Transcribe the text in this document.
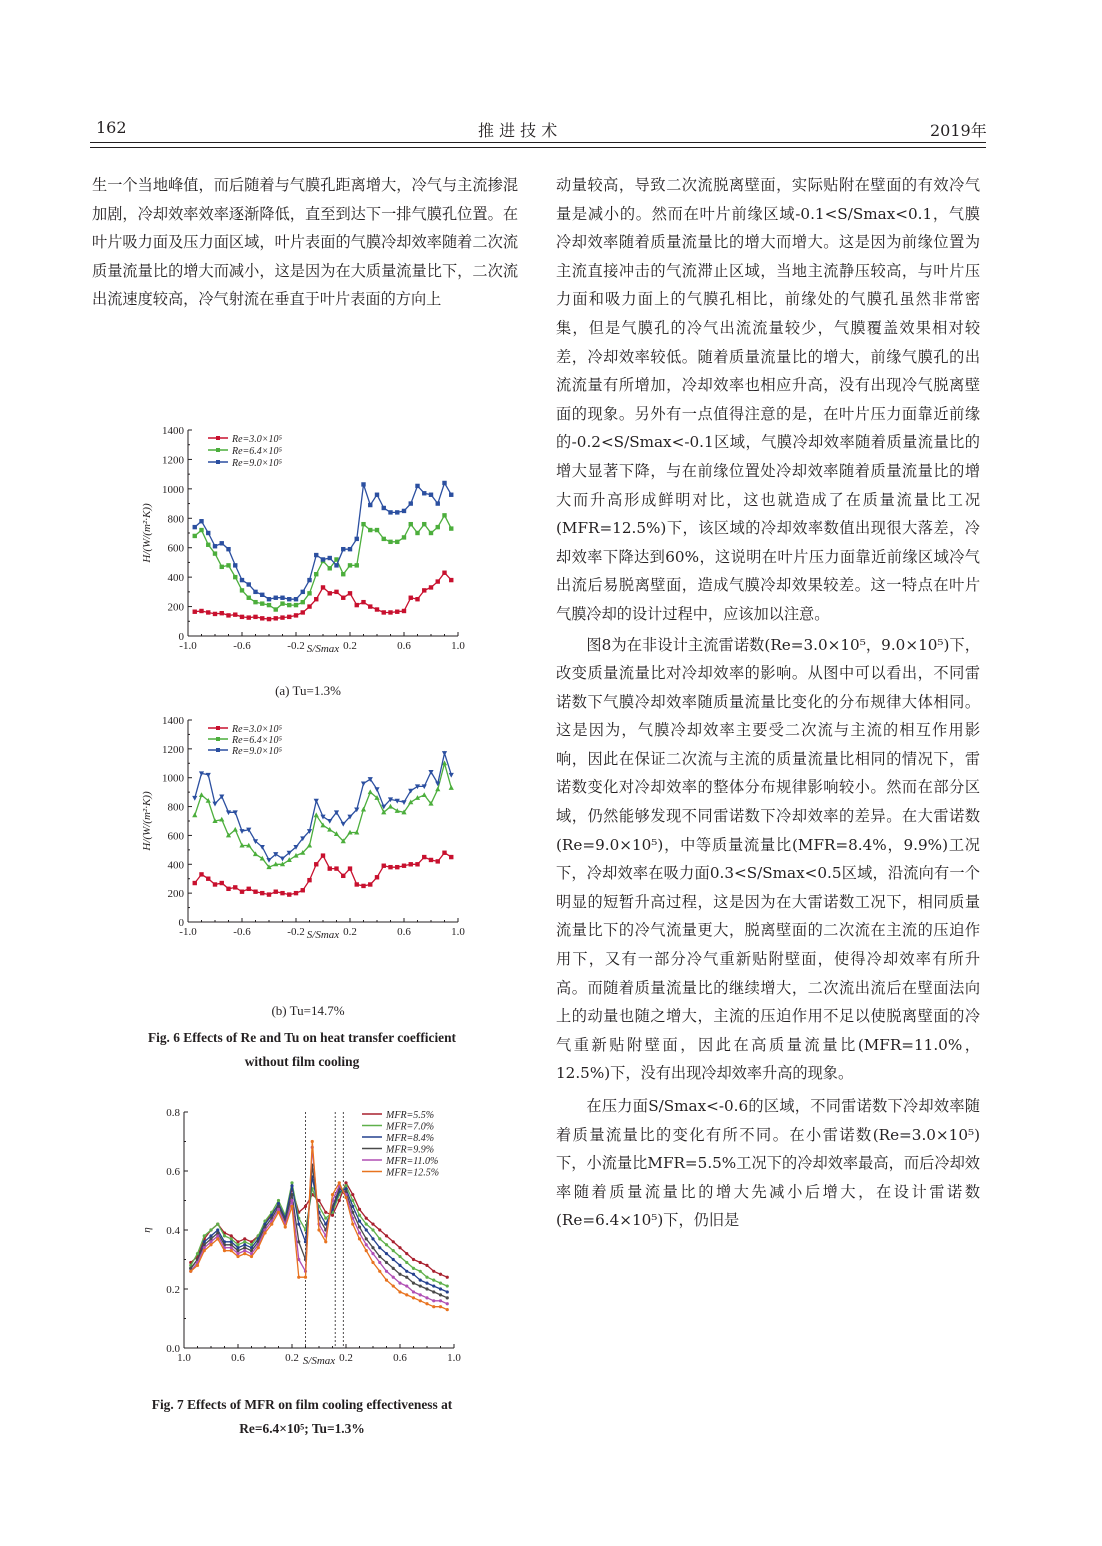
162	推 进 技 术	2019年

生一个当地峰值，而后随着与气膜孔距离增大，冷气与主流掺混加剧，冷却效率效率逐渐降低，直至到达下一排气膜孔位置。在叶片吸力面及压力面区域，叶片表面的气膜冷却效率随着二次流质量流量比的增大而减小，这是因为在大质量流量比下，二次流出流速度较高，冷气射流在垂直于叶片表面的方向上

动量较高，导致二次流脱离壁面，实际贴附在壁面的有效冷气量是减小的。然而在叶片前缘区域-0.1<S/Smax<0.1，气膜冷却效率随着质量流量比的增大而增大。这是因为前缘位置为主流直接冲击的气流滞止区域，当地主流静压较高，与叶片压力面和吸力面上的气膜孔相比，前缘处的气膜孔虽然非常密集，但是气膜孔的冷气出流流量较少，气膜覆盖效果相对较差，冷却效率较低。随着质量流量比的增大，前缘气膜孔的出流流量有所增加，冷却效率也相应升高，没有出现冷气脱离壁面的现象。另外有一点值得注意的是，在叶片压力面靠近前缘的-0.2<S/Smax<-0.1区域，气膜冷却效率随着质量流量比的增大显著下降，与在前缘位置处冷却效率随着质量流量比的增大而升高形成鲜明对比，这也就造成了在质量流量比工况(MFR=12.5%)下，该区域的冷却效率数值出现很大落差，冷却效率下降达到60%，这说明在叶片压力面靠近前缘区域冷气出流后易脱离壁面，造成气膜冷却效果较差。这一特点在叶片气膜冷却的设计过程中，应该加以注意。

图8为在非设计主流雷诺数(Re=3.0×10⁵，9.0×10⁵)下，改变质量流量比对冷却效率的影响。从图中可以看出，不同雷诺数下气膜冷却效率随质量流量比变化的分布规律大体相同。这是因为，气膜冷却效率主要受二次流与主流的相互作用影响，因此在保证二次流与主流的质量流量比相同的情况下，雷诺数变化对冷却效率的整体分布规律影响较小。然而在部分区域，仍然能够发现不同雷诺数下冷却效率的差异。在大雷诺数(Re=9.0×10⁵)，中等质量流量比(MFR=8.4%，9.9%)工况下，冷却效率在吸力面0.3<S/Smax<0.5区域，沿流向有一个明显的短暂升高过程，这是因为在大雷诺数工况下，相同质量流量比下的冷气流量更大，脱离壁面的二次流在主流的压迫作用下，又有一部分冷气重新贴附壁面，使得冷却效率有所升高。而随着质量流量比的继续增大，二次流出流后在壁面法向上的动量也随之增大，主流的压迫作用不足以使脱离壁面的冷气重新贴附壁面，因此在高质量流量比(MFR=11.0%，12.5%)下，没有出现冷却效率升高的现象。

在压力面S/Smax<-0.6的区域，不同雷诺数下冷却效率随着质量流量比的变化有所不同。在小雷诺数(Re=3.0×10⁵)下，小流量比MFR=5.5%工况下的冷却效率最高，而后冷却效率随着质量流量比的增大先减小后增大，在设计雷诺数(Re=6.4×10⁵)下，仍旧是

0
200
400
600
800
1000
1200
1400
-1.0	-0.6	-0.2	0.2	0.6	1.0
S/Smax
H/(W/(m²·K))
Re=3.0×10⁵
Re=6.4×10⁵
Re=9.0×10⁵
(a) Tu=1.3%
0
200
400
600
800
1000
1200
1400
-1.0	-0.6	-0.2	0.2	0.6	1.0
S/Smax
H/(W/(m²·K))
Re=3.0×10⁵
Re=6.4×10⁵
Re=9.0×10⁵
(b) Tu=14.7%
Fig. 6 Effects of Re and Tu on heat transfer coefficient
without film cooling
0.0
0.2
0.4
0.6
0.8
1.0	0.6	0.2	0.2	0.6	1.0
S/Smax
η
MFR=5.5%
MFR=7.0%
MFR=8.4%
MFR=9.9%
MFR=11.0%
MFR=12.5%
Fig. 7 Effects of MFR on film cooling effectiveness at
Re=6.4×10⁵; Tu=1.3%
